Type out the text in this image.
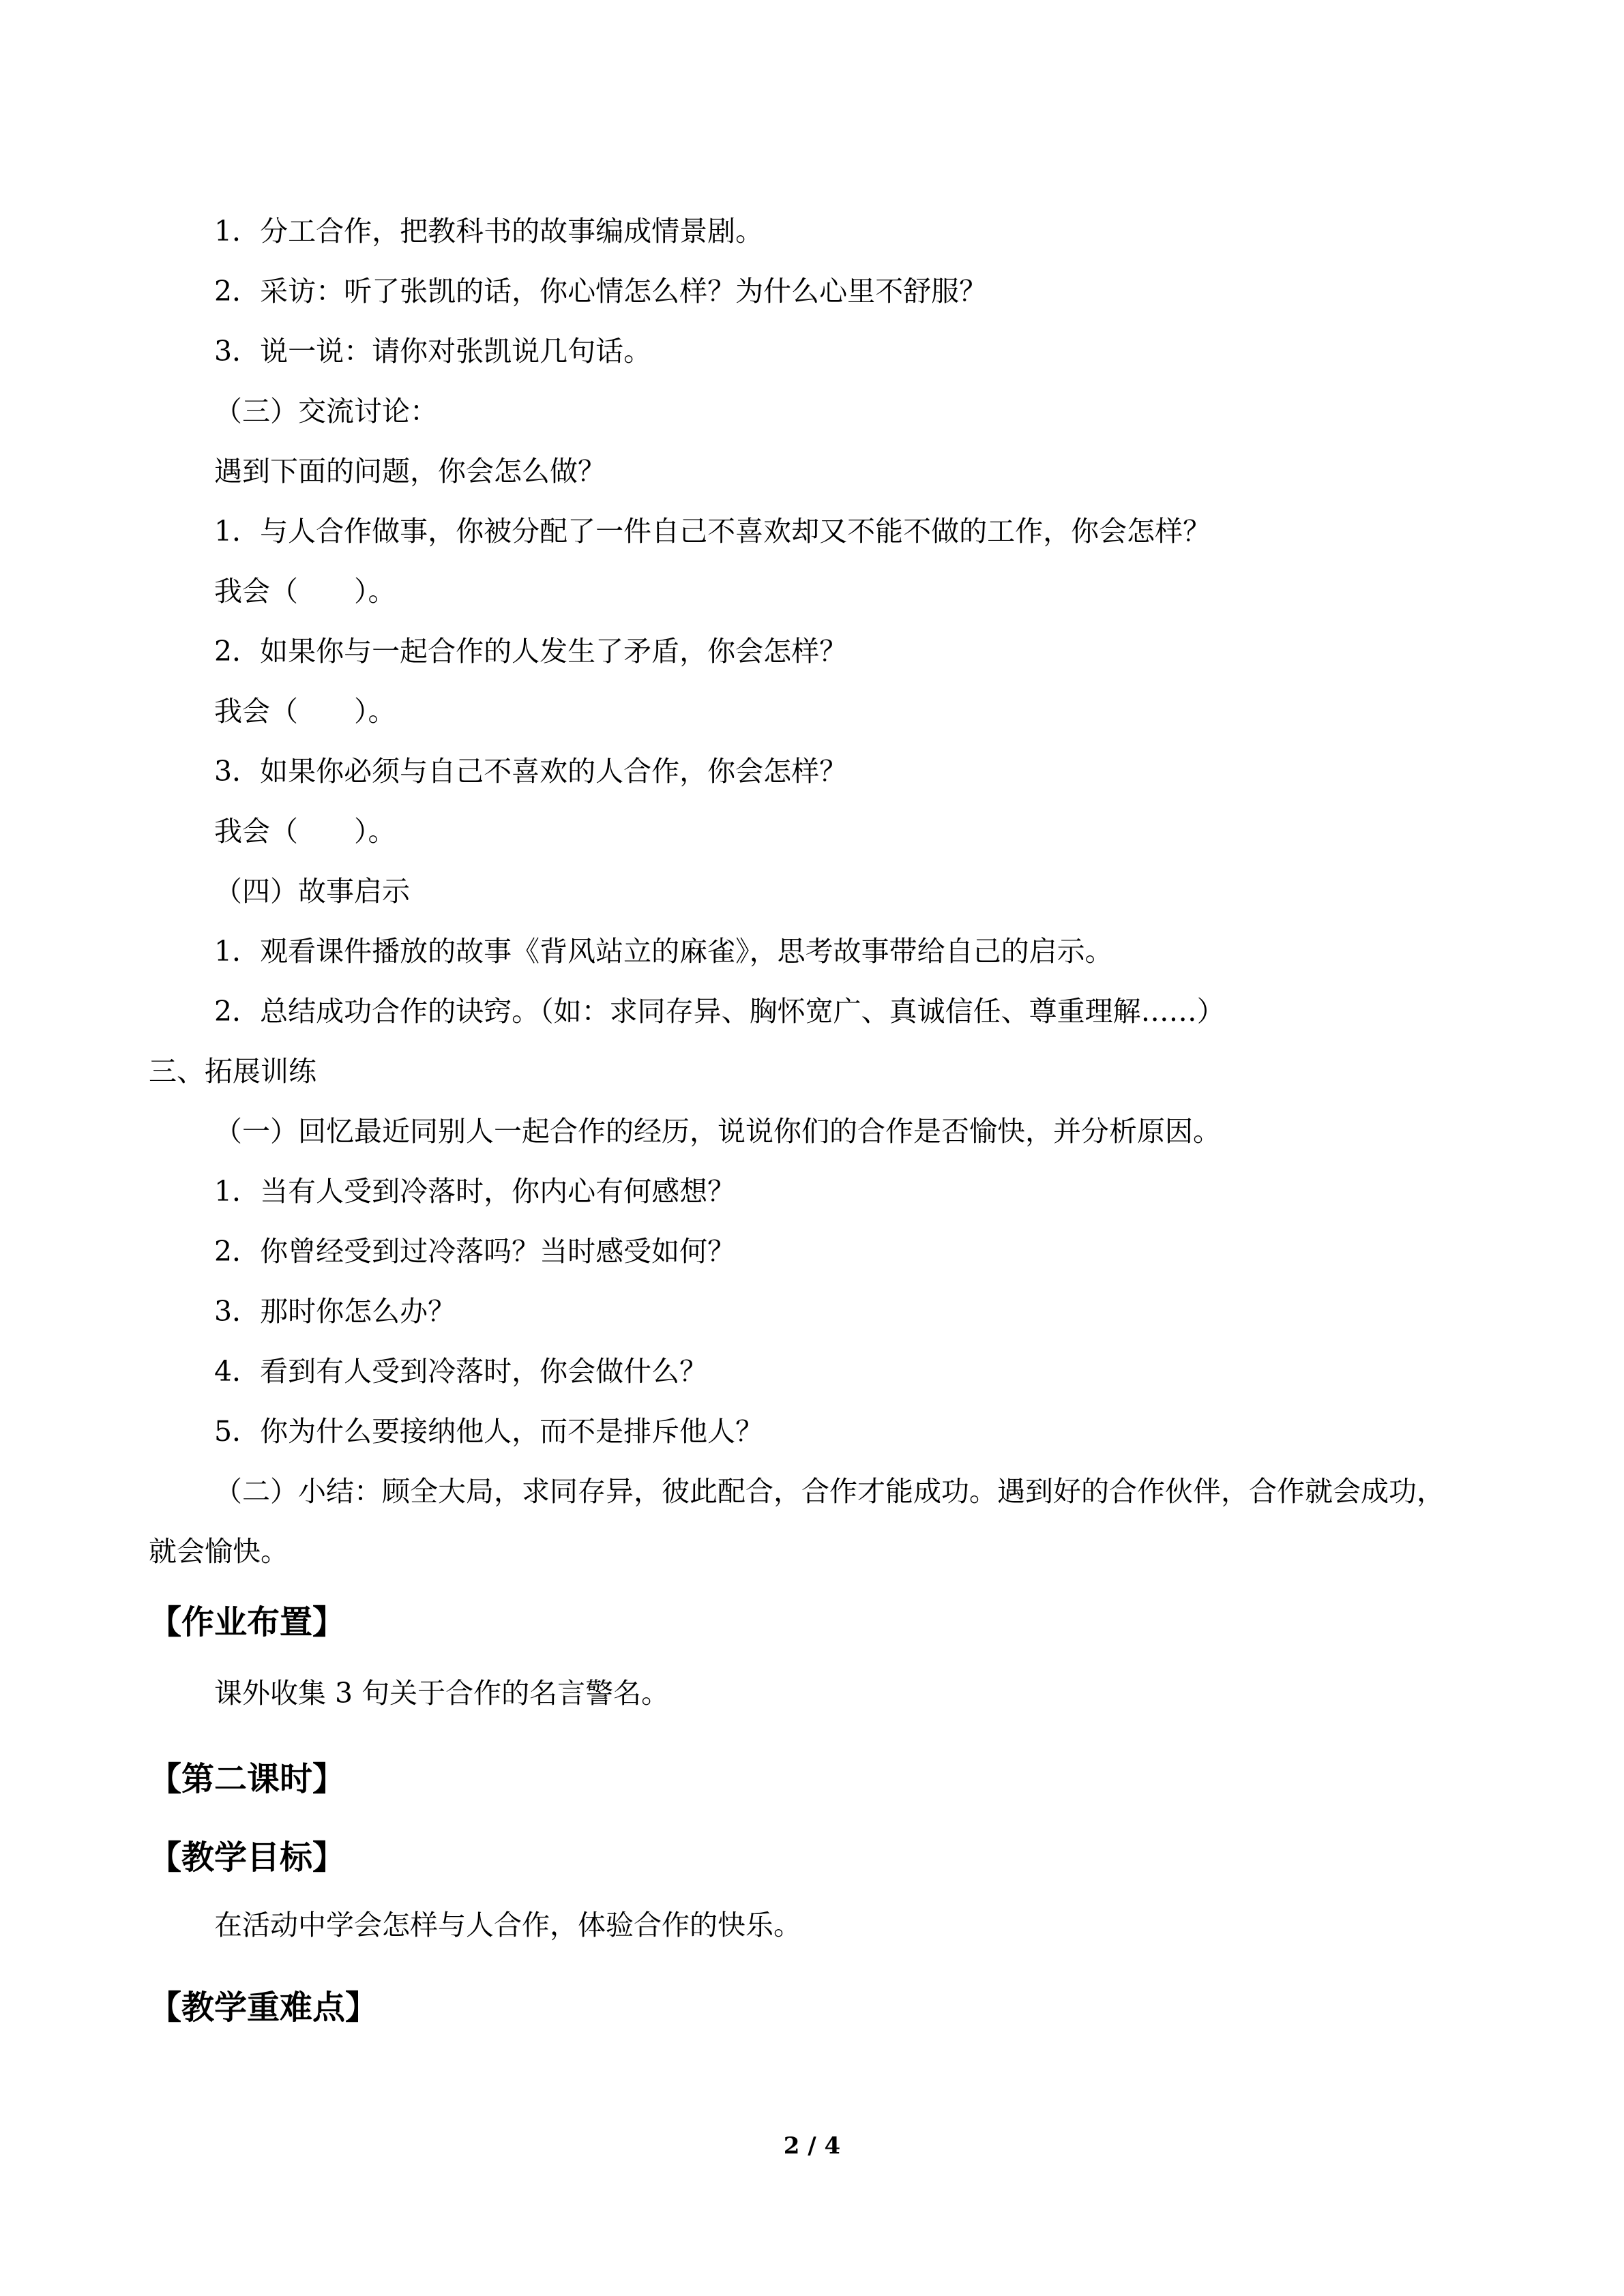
1．分工合作，把教科书的故事编成情景剧。
2．采访：听了张凯的话，你心情怎么样？为什么心里不舒服？
3．说一说：请你对张凯说几句话。
（三）交流讨论：
遇到下面的问题，你会怎么做？
1．与人合作做事，你被分配了一件自己不喜欢却又不能不做的工作，你会怎样？
我会（　　）。
2．如果你与一起合作的人发生了矛盾，你会怎样？
我会（　　）。
3．如果你必须与自己不喜欢的人合作，你会怎样？
我会（　　）。
（四）故事启示
1．观看课件播放的故事《背风站立的麻雀》，思考故事带给自己的启示。
2．总结成功合作的诀窍。（如：求同存异、胸怀宽广、真诚信任、尊重理解……）
三、拓展训练
（一）回忆最近同别人一起合作的经历，说说你们的合作是否愉快，并分析原因。
1．当有人受到冷落时，你内心有何感想？
2．你曾经受到过冷落吗？当时感受如何？
3．那时你怎么办？
4．看到有人受到冷落时，你会做什么？
5．你为什么要接纳他人，而不是排斥他人？
（二）小结：顾全大局，求同存异，彼此配合，合作才能成功。遇到好的合作伙伴，合作就会成功，就会愉快。
【作业布置】
课外收集 3 句关于合作的名言警名。
【第二课时】
【教学目标】
在活动中学会怎样与人合作，体验合作的快乐。
【教学重难点】
2 / 4
